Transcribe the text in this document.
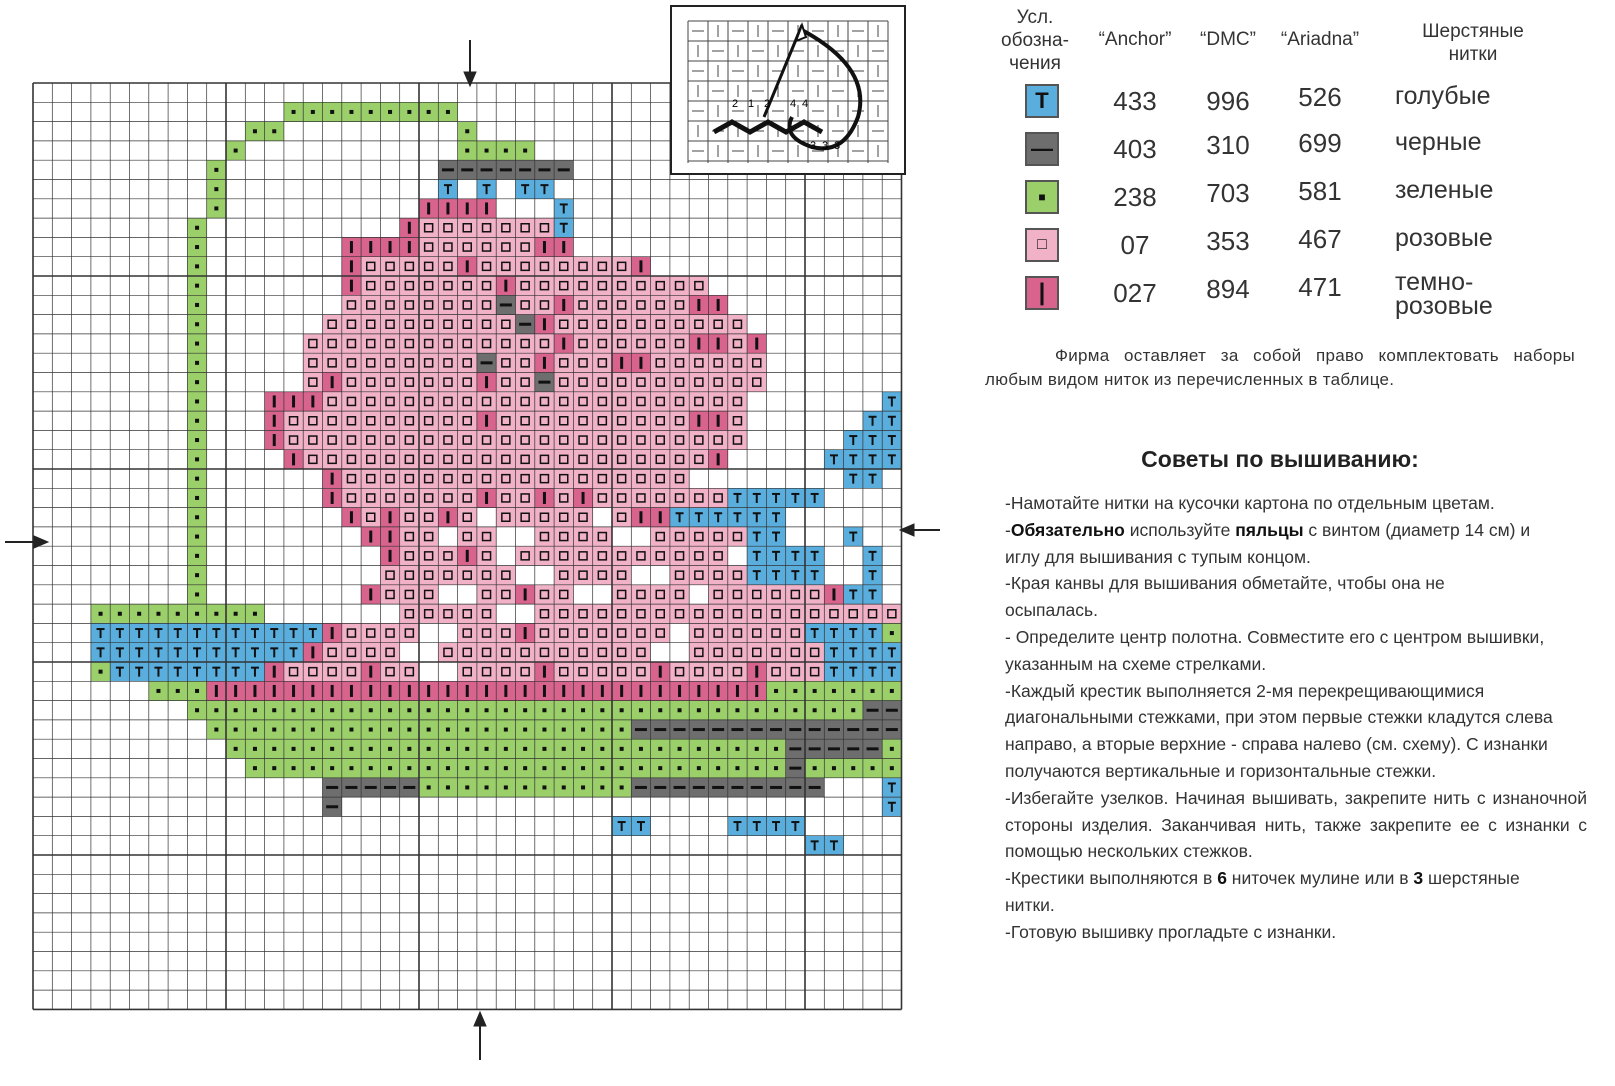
2 1 2 4 4
3 3 3
Усл. обозна- чения
“Anchor”	“DMC”	“Ariadna”	Шерстяные нитки
T	433	996	526	голубые
—	403	310	699	черные
■	238	703	581	зеленые
□	07	353	467	розовые
|	027	894	471	темно- розовые
Фирма оставляет за собой право комплектовать наборы любым видом ниток из перечисленных в таблице.
Советы по вышиванию:

-Намотайте нитки на кусочки картона по отдельным цветам.

-Обязательно используйте пяльцы с винтом (диаметр 14 см) и иглу для вышивания с тупым концом.

-Края канвы для вышивания обметайте, чтобы она не осыпалась.

- Определите центр полотна. Совместите его с центром вышивки, указанным на схеме стрелками.

-Каждый крестик выполняется 2-мя перекрещивающимися диагональными стежками, при этом первые стежки кладутся слева направо, а вторые верхние - справа налево (см. схему). С изнанки получаются вертикальные и горизонтальные стежки.

-Избегайте узелков. Начиная вышивать, закрепите нить с изнаночной стороны изделия. Заканчивая нить, также закрепите ее с изнанки с помощью нескольких стежков.

-Крестики выполняются в 6 ниточек мулине или в 3 шерстяные нитки.

-Готовую вышивку прогладьте с изнанки.
